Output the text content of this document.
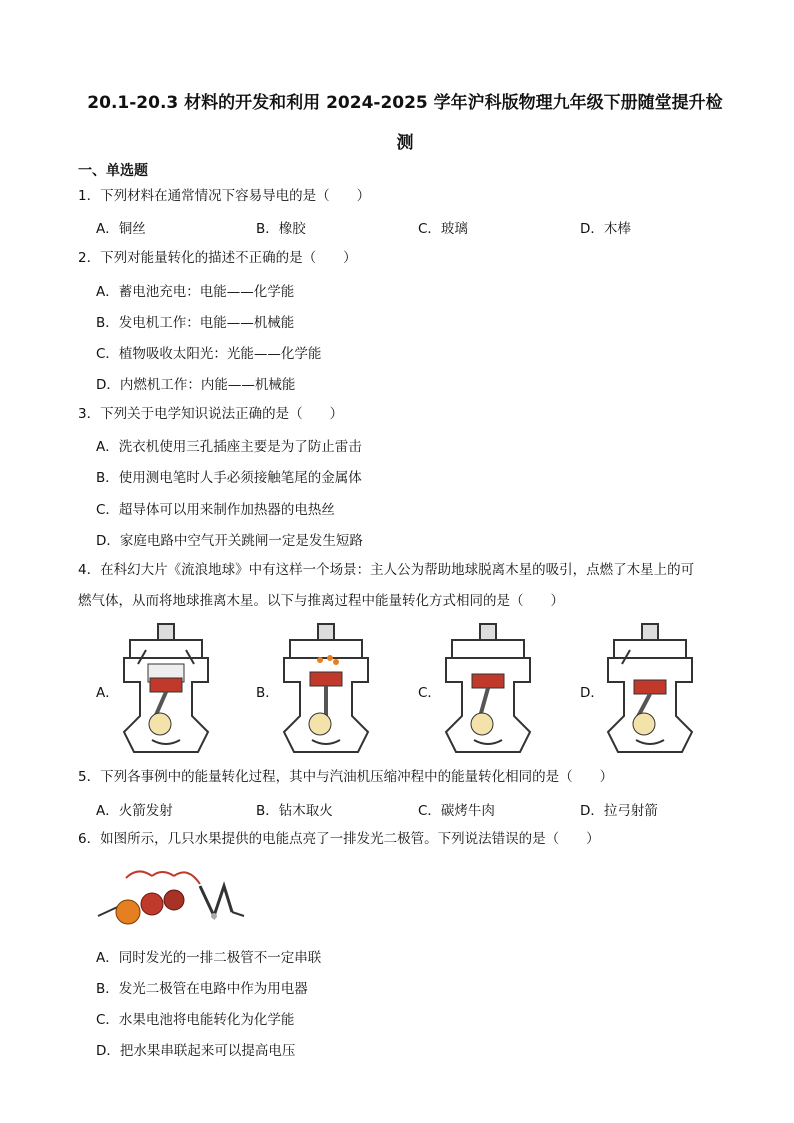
20.1-20.3 材料的开发和利用 2024-2025 学年沪科版物理九年级下册随堂提升检
测
一、单选题
1．下列材料在通常情况下容易导电的是（　　）
A．铜丝	B．橡胶	C．玻璃	D．木棒
2．下列对能量转化的描述不正确的是（　　）
A．蓄电池充电：电能——化学能
B．发电机工作：电能——机械能
C．植物吸收太阳光：光能——化学能
D．内燃机工作：内能——机械能
3．下列关于电学知识说法正确的是（　　）
A．洗衣机使用三孔插座主要是为了防止雷击
B．使用测电笔时人手必须接触笔尾的金属体
C．超导体可以用来制作加热器的电热丝
D．家庭电路中空气开关跳闸一定是发生短路
4．在科幻大片《流浪地球》中有这样一个场景：主人公为帮助地球脱离木星的吸引，点燃了木星上的可
燃气体，从而将地球推离木星。以下与推离过程中能量转化方式相同的是（　　）
A．	B．	C．	D．
5．下列各事例中的能量转化过程，其中与汽油机压缩冲程中的能量转化相同的是（　　）
A．火箭发射	B．钻木取火	C．碳烤牛肉	D．拉弓射箭
6．如图所示，几只水果提供的电能点亮了一排发光二极管。下列说法错误的是（　　）
A．同时发光的一排二极管不一定串联
B．发光二极管在电路中作为用电器
C．水果电池将电能转化为化学能
D．把水果串联起来可以提高电压
